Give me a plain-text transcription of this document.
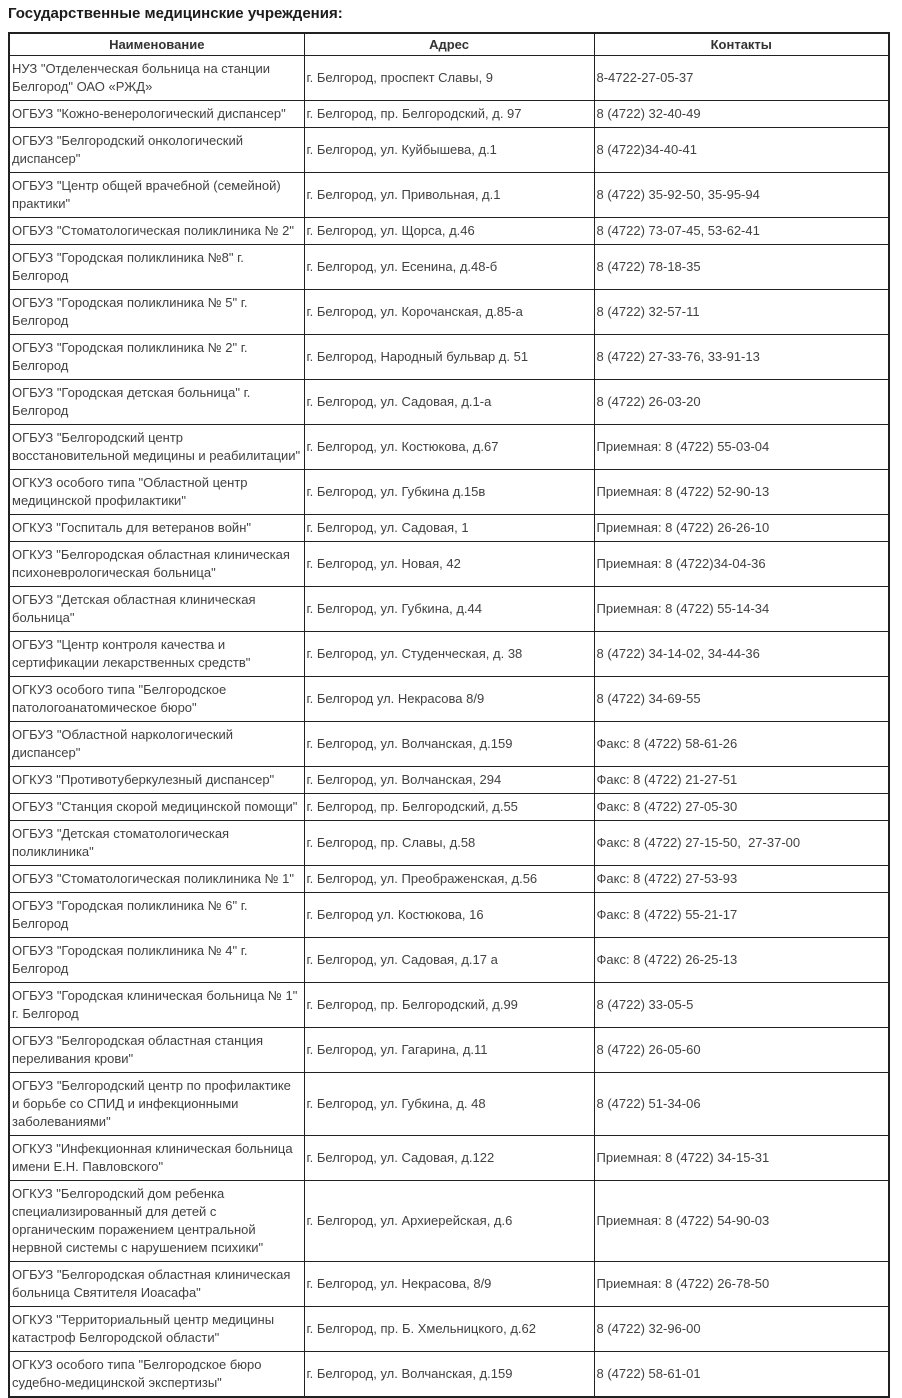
Государственные медицинские учреждения:

Наименование	Адрес	Контакты
НУЗ "Отделенческая больница на станции Белгород" ОАО «РЖД»	г. Белгород, проспект Славы, 9	8-4722-27-05-37
ОГБУЗ "Кожно-венерологический диспансер"	г. Белгород, пр. Белгородский, д. 97	8 (4722) 32-40-49
ОГБУЗ "Белгородский онкологический диспансер"	г. Белгород, ул. Куйбышева, д.1	8 (4722)34-40-41
ОГБУЗ "Центр общей врачебной (семейной) практики"	г. Белгород, ул. Привольная, д.1	8 (4722) 35-92-50, 35-95-94
ОГБУЗ "Стоматологическая поликлиника № 2"	г. Белгород, ул. Щорса, д.46	8 (4722) 73-07-45, 53-62-41
ОГБУЗ "Городская поликлиника №8" г. Белгород	г. Белгород, ул. Есенина, д.48-б	8 (4722) 78-18-35
ОГБУЗ "Городская поликлиника № 5" г. Белгород	г. Белгород, ул. Корочанская, д.85-а	8 (4722) 32-57-11
ОГБУЗ "Городская поликлиника № 2" г. Белгород	г. Белгород, Народный бульвар д. 51	8 (4722) 27-33-76, 33-91-13
ОГБУЗ "Городская детская больница" г. Белгород	г. Белгород, ул. Садовая, д.1-а	8 (4722) 26-03-20
ОГБУЗ "Белгородский центр восстановительной медицины и реабилитации"	г. Белгород, ул. Костюкова, д.67	Приемная: 8 (4722) 55-03-04
ОГКУЗ особого типа "Областной центр медицинской профилактики"	г. Белгород, ул. Губкина д.15в	Приемная: 8 (4722) 52-90-13
ОГКУЗ "Госпиталь для ветеранов войн"	г. Белгород, ул. Садовая, 1	Приемная: 8 (4722) 26-26-10
ОГКУЗ "Белгородская областная клиническая психоневрологическая больница"	г. Белгород, ул. Новая, 42	Приемная: 8 (4722)34-04-36
ОГБУЗ "Детская областная клиническая больница"	г. Белгород, ул. Губкина, д.44	Приемная: 8 (4722) 55-14-34
ОГБУЗ "Центр контроля качества и сертификации лекарственных средств"	г. Белгород, ул. Студенческая, д. 38	8 (4722) 34-14-02, 34-44-36
ОГКУЗ особого типа "Белгородское патологоанатомическое бюро"	г. Белгород ул. Некрасова 8/9	8 (4722) 34-69-55
ОГБУЗ "Областной наркологический диспансер"	г. Белгород, ул. Волчанская, д.159	Факс: 8 (4722) 58-61-26
ОГКУЗ "Противотуберкулезный диспансер"	г. Белгород, ул. Волчанская, 294	Факс: 8 (4722) 21-27-51
ОГБУЗ "Станция скорой медицинской помощи"	г. Белгород, пр. Белгородский, д.55	Факс: 8 (4722) 27-05-30
ОГБУЗ "Детская стоматологическая поликлиника"	г. Белгород, пр. Славы, д.58	Факс: 8 (4722) 27-15-50,  27-37-00
ОГБУЗ "Стоматологическая поликлиника № 1"	г. Белгород, ул. Преображенская, д.56	Факс: 8 (4722) 27-53-93
ОГБУЗ "Городская поликлиника № 6" г. Белгород	г. Белгород ул. Костюкова, 16	Факс: 8 (4722) 55-21-17
ОГБУЗ "Городская поликлиника № 4" г. Белгород	г. Белгород, ул. Садовая, д.17 а	Факс: 8 (4722) 26-25-13
ОГБУЗ "Городская клиническая больница № 1" г. Белгород	г. Белгород, пр. Белгородский, д.99	8 (4722) 33-05-5
ОГБУЗ "Белгородская областная станция переливания крови"	г. Белгород, ул. Гагарина, д.11	8 (4722) 26-05-60
ОГБУЗ "Белгородский центр по профилактике и борьбе со СПИД и инфекционными заболеваниями"	г. Белгород, ул. Губкина, д. 48	8 (4722) 51-34-06
ОГКУЗ "Инфекционная клиническая больница имени Е.Н. Павловского"	г. Белгород, ул. Садовая, д.122	Приемная: 8 (4722) 34-15-31
ОГКУЗ "Белгородский дом ребенка специализированный для детей с органическим поражением центральной нервной системы с нарушением психики"	г. Белгород, ул. Архиерейская, д.6	Приемная: 8 (4722) 54-90-03
ОГБУЗ "Белгородская областная клиническая больница Святителя Иоасафа"	г. Белгород, ул. Некрасова, 8/9	Приемная: 8 (4722) 26-78-50
ОГКУЗ "Территориальный центр медицины катастроф Белгородской области"	г. Белгород, пр. Б. Хмельницкого, д.62	8 (4722) 32-96-00
ОГКУЗ особого типа "Белгородское бюро судебно-медицинской экспертизы"	г. Белгород, ул. Волчанская, д.159	8 (4722) 58-61-01
